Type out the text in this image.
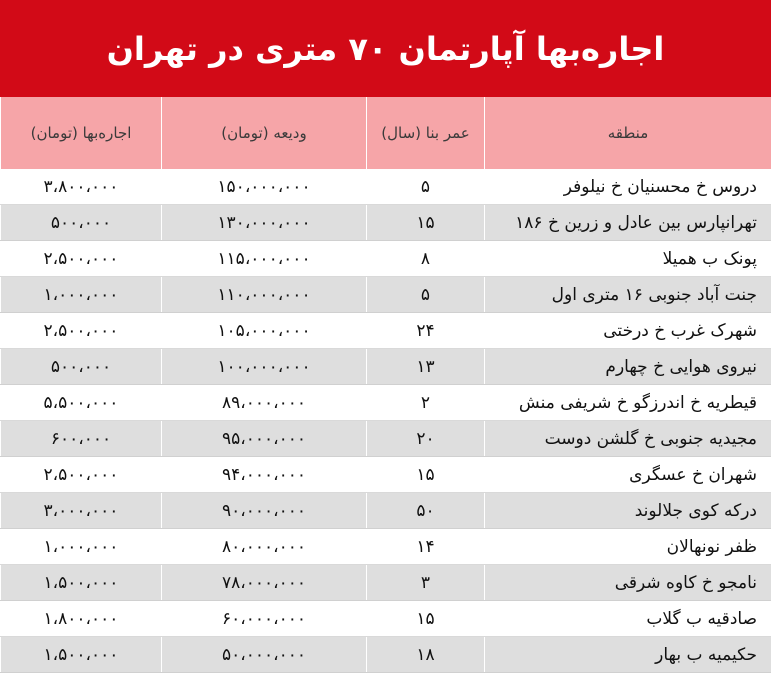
اجاره‌بها آپارتمان ۷۰ متری در تهران
منطقه	عمر بنا (سال)	ودیعه (تومان)	اجاره‌بها (تومان)
دروس خ محسنیان خ نیلوفر	۵	۱۵۰،۰۰۰،۰۰۰	۳،۸۰۰،۰۰۰
تهرانپارس بین عادل و زرین خ ۱۸۶	۱۵	۱۳۰،۰۰۰،۰۰۰	۵۰۰،۰۰۰
پونک ب همیلا	۸	۱۱۵،۰۰۰،۰۰۰	۲،۵۰۰،۰۰۰
جنت آباد جنوبی ۱۶ متری اول	۵	۱۱۰،۰۰۰،۰۰۰	۱،۰۰۰،۰۰۰
شهرک غرب خ درختی	۲۴	۱۰۵،۰۰۰،۰۰۰	۲،۵۰۰،۰۰۰
نیروی هوایی خ چهارم	۱۳	۱۰۰،۰۰۰،۰۰۰	۵۰۰،۰۰۰
قیطریه خ اندرزگو خ شریفی منش	۲	۸۹،۰۰۰،۰۰۰	۵،۵۰۰،۰۰۰
مجیدیه جنوبی خ گلشن دوست	۲۰	۹۵،۰۰۰،۰۰۰	۶۰۰،۰۰۰
شهران خ عسگری	۱۵	۹۴،۰۰۰،۰۰۰	۲،۵۰۰،۰۰۰
درکه کوی جلالوند	۵۰	۹۰،۰۰۰،۰۰۰	۳،۰۰۰،۰۰۰
ظفر نونهالان	۱۴	۸۰،۰۰۰،۰۰۰	۱،۰۰۰،۰۰۰
نامجو خ کاوه شرقی	۳	۷۸،۰۰۰،۰۰۰	۱،۵۰۰،۰۰۰
صادقیه ب گلاب	۱۵	۶۰،۰۰۰،۰۰۰	۱،۸۰۰،۰۰۰
حکیمیه ب بهار	۱۸	۵۰،۰۰۰،۰۰۰	۱،۵۰۰،۰۰۰
